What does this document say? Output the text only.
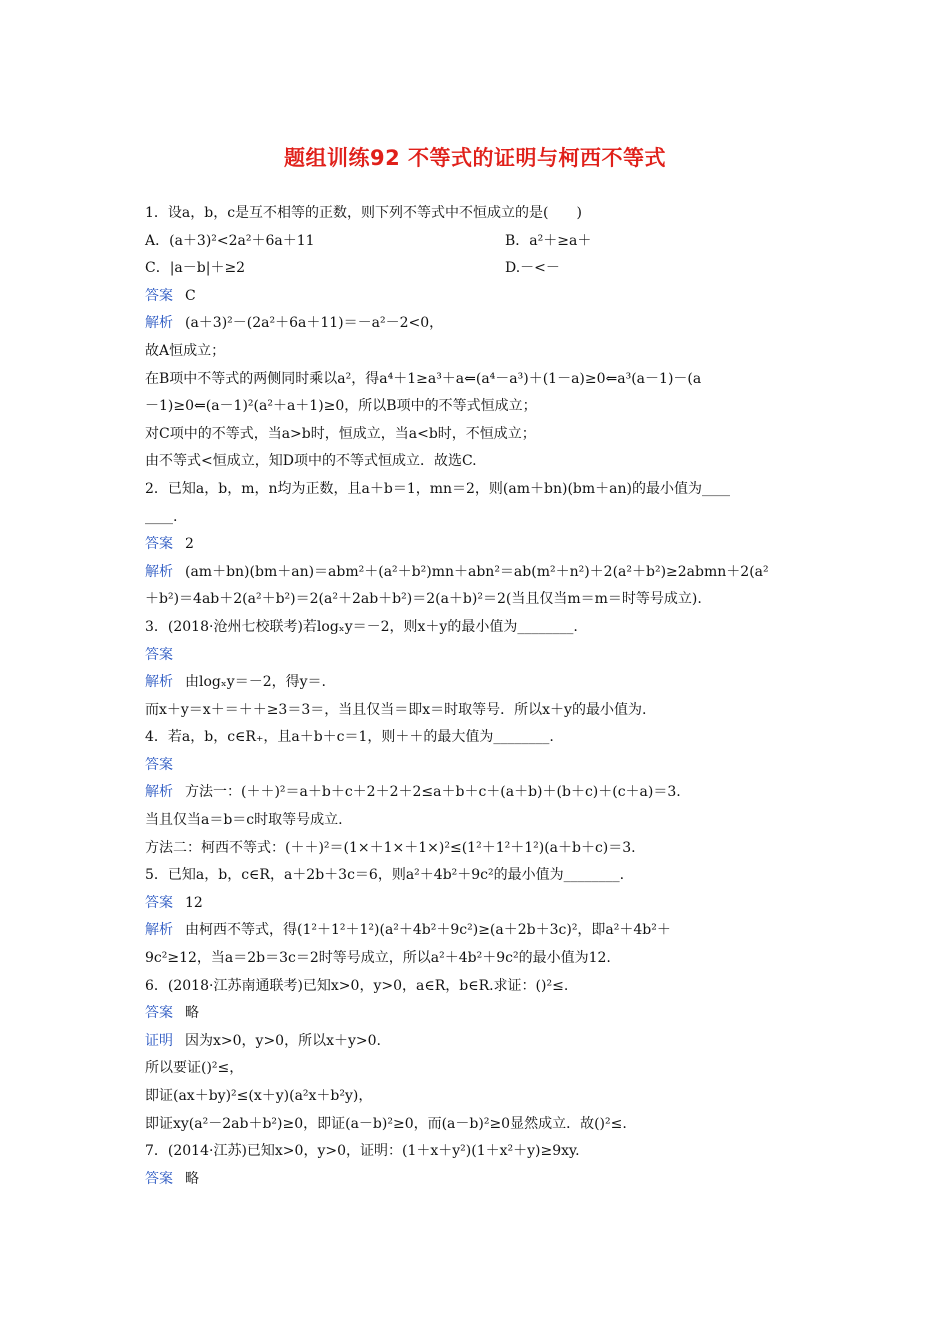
题组训练92 不等式的证明与柯西不等式
1．设a，b，c是互不相等的正数，则下列不等式中不恒成立的是(　　)
A．(a＋3)²<2a²＋6a＋11	B．a²＋≥a＋
C．|a－b|＋≥2	D.－<－
答案 C
解析 (a＋3)²－(2a²＋6a＋11)＝－a²－2<0，
故A恒成立；
在B项中不等式的两侧同时乘以a²，得a⁴＋1≥a³＋a⇐(a⁴－a³)＋(1－a)≥0⇐a³(a－1)－(a
－1)≥0⇐(a－1)²(a²＋a＋1)≥0，所以B项中的不等式恒成立；
对C项中的不等式，当a>b时，恒成立，当a<b时，不恒成立；
由不等式<恒成立，知D项中的不等式恒成立．故选C.
2．已知a，b，m，n均为正数，且a＋b＝1，mn＝2，则(am＋bn)(bm＋an)的最小值为____
____.
答案 2
解析 (am＋bn)(bm＋an)＝abm²＋(a²＋b²)mn＋abn²＝ab(m²＋n²)＋2(a²＋b²)≥2abmn＋2(a²
＋b²)＝4ab＋2(a²＋b²)＝2(a²＋2ab＋b²)＝2(a＋b)²＝2(当且仅当m＝m＝时等号成立).
3．(2018·沧州七校联考)若logₓy＝－2，则x＋y的最小值为________.
答案
解析 由logₓy＝－2，得y＝.
而x＋y＝x＋＝＋＋≥3＝3＝，当且仅当＝即x＝时取等号．所以x＋y的最小值为.
4．若a，b，c∈R₊，且a＋b＋c＝1，则＋＋的最大值为________.
答案
解析 方法一：(＋＋)²＝a＋b＋c＋2＋2＋2≤a＋b＋c＋(a＋b)＋(b＋c)＋(c＋a)＝3.
当且仅当a＝b＝c时取等号成立.
方法二：柯西不等式：(＋＋)²＝(1×＋1×＋1×)²≤(1²＋1²＋1²)(a＋b＋c)＝3.
5．已知a，b，c∈R，a＋2b＋3c＝6，则a²＋4b²＋9c²的最小值为________.
答案 12
解析 由柯西不等式，得(1²＋1²＋1²)(a²＋4b²＋9c²)≥(a＋2b＋3c)²，即a²＋4b²＋
9c²≥12，当a＝2b＝3c＝2时等号成立，所以a²＋4b²＋9c²的最小值为12.
6．(2018·江苏南通联考)已知x>0，y>0，a∈R，b∈R.求证：()²≤.
答案 略
证明 因为x>0，y>0，所以x＋y>0.
所以要证()²≤，
即证(ax＋by)²≤(x＋y)(a²x＋b²y)，
即证xy(a²－2ab＋b²)≥0，即证(a－b)²≥0，而(a－b)²≥0显然成立．故()²≤.
7．(2014·江苏)已知x>0，y>0，证明：(1＋x＋y²)(1＋x²＋y)≥9xy.
答案 略
